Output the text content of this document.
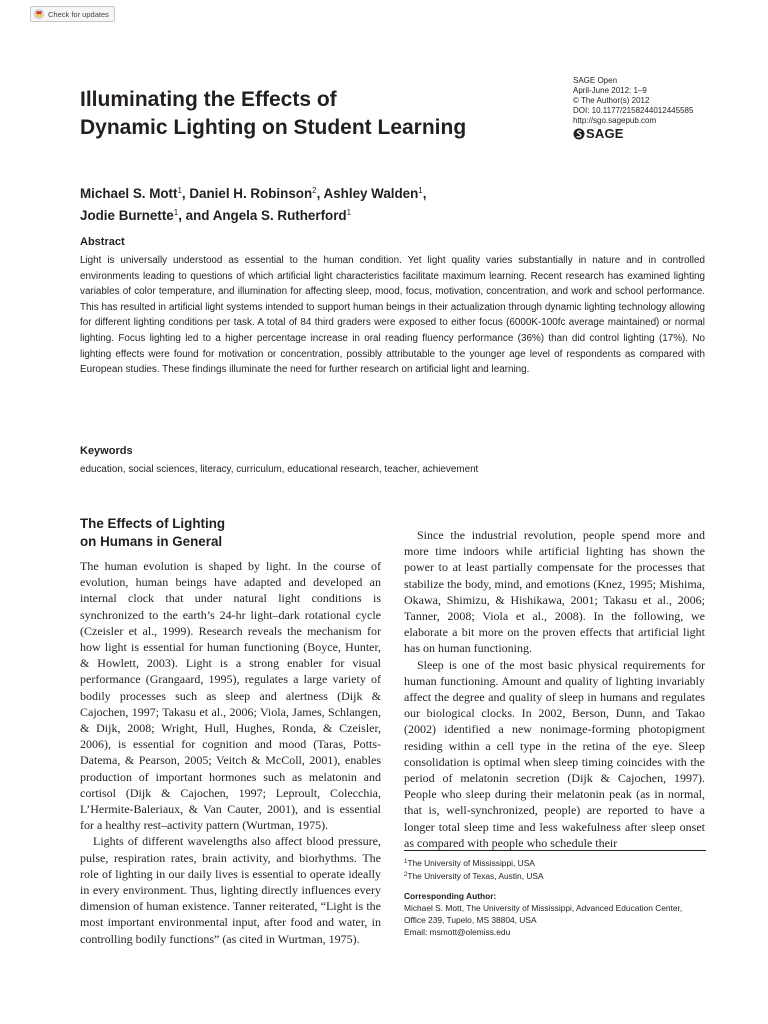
Check for updates
SAGE Open
April-June 2012: 1–9
© The Author(s) 2012
DOI: 10.1177/2158244012445585
http://sgo.sagepub.com
SAGE
Illuminating the Effects of
Dynamic Lighting on Student Learning
Michael S. Mott$^1$, Daniel H. Robinson$^2$, Ashley Walden$^1$,
Jodie Burnette$^1$, and Angela S. Rutherford$^1$
Abstract
Light is universally understood as essential to the human condition. Yet light quality varies substantially in nature and in controlled environments leading to questions of which artificial light characteristics facilitate maximum learning. Recent research has examined lighting variables of color temperature, and illumination for affecting sleep, mood, focus, motivation, concentration, and work and school performance. This has resulted in artificial light systems intended to support human beings in their actualization through dynamic lighting technology allowing for different lighting conditions per task. A total of 84 third graders were exposed to either focus (6000K-100fc average maintained) or normal lighting. Focus lighting led to a higher percentage increase in oral reading fluency performance (36%) than did control lighting (17%). No lighting effects were found for motivation or concentration, possibly attributable to the younger age level of respondents as compared with European studies. These findings illuminate the need for further research on artificial light and learning.
Keywords
education, social sciences, literacy, curriculum, educational research, teacher, achievement
The Effects of Lighting
on Humans in General

The human evolution is shaped by light. In the course of evolution, human beings have adapted and developed an internal clock that under natural light conditions is synchronized to the earth’s 24-hr light–dark rotational cycle (Czeisler et al., 1999). Research reveals the mechanism for how light is essential for human functioning (Boyce, Hunter, & Howlett, 2003). Light is a strong enabler for visual performance (Grangaard, 1995), regulates a large variety of bodily processes such as sleep and alertness (Dijk & Cajochen, 1997; Takasu et al., 2006; Viola, James, Schlangen, & Dijk, 2008; Wright, Hull, Hughes, Ronda, & Czeisler, 2006), is essential for cognition and mood (Taras, Potts-Datema, & Pearson, 2005; Veitch & McColl, 2001), enables production of important hormones such as melatonin and cortisol (Dijk & Cajochen, 1997; Leproult, Colecchia, L’Hermite-Baleriaux, & Van Cauter, 2001), and is essential for a healthy rest–activity pattern (Wurtman, 1975).

Lights of different wavelengths also affect blood pressure, pulse, respiration rates, brain activity, and biorhythms. The role of lighting in our daily lives is essential to operate ideally in every environment. Thus, lighting directly influences every dimension of human existence. Tanner reiterated, “Light is the most important environmental input, after food and water, in controlling bodily functions” (as cited in Wurtman, 1975).

Since the industrial revolution, people spend more and more time indoors while artificial lighting has shown the power to at least partially compensate for the processes that stabilize the body, mind, and emotions (Knez, 1995; Mishima, Okawa, Shimizu, & Hishikawa, 2001; Takasu et al., 2006; Tanner, 2008; Viola et al., 2008). In the following, we elaborate a bit more on the proven effects that artificial light has on human functioning.

Sleep is one of the most basic physical requirements for human functioning. Amount and quality of lighting invariably affect the degree and quality of sleep in humans and regulates our biological clocks. In 2002, Berson, Dunn, and Takao (2002) identified a new nonimage-forming photopigment residing within a cell type in the retina of the eye. Sleep consolidation is optimal when sleep timing coincides with the period of melatonin secretion (Dijk & Cajochen, 1997). People who sleep during their melatonin peak (as in normal, that is, well-synchronized, people) are reported to have a longer total sleep time and less wakefulness after sleep onset as compared with people who schedule their

$^1$The University of Mississippi, USA
$^2$The University of Texas, Austin, USA
Corresponding Author:
Michael S. Mott, The University of Mississippi, Advanced Education Center,
Office 239, Tupelo, MS 38804, USA
Email: msmott@olemiss.edu
